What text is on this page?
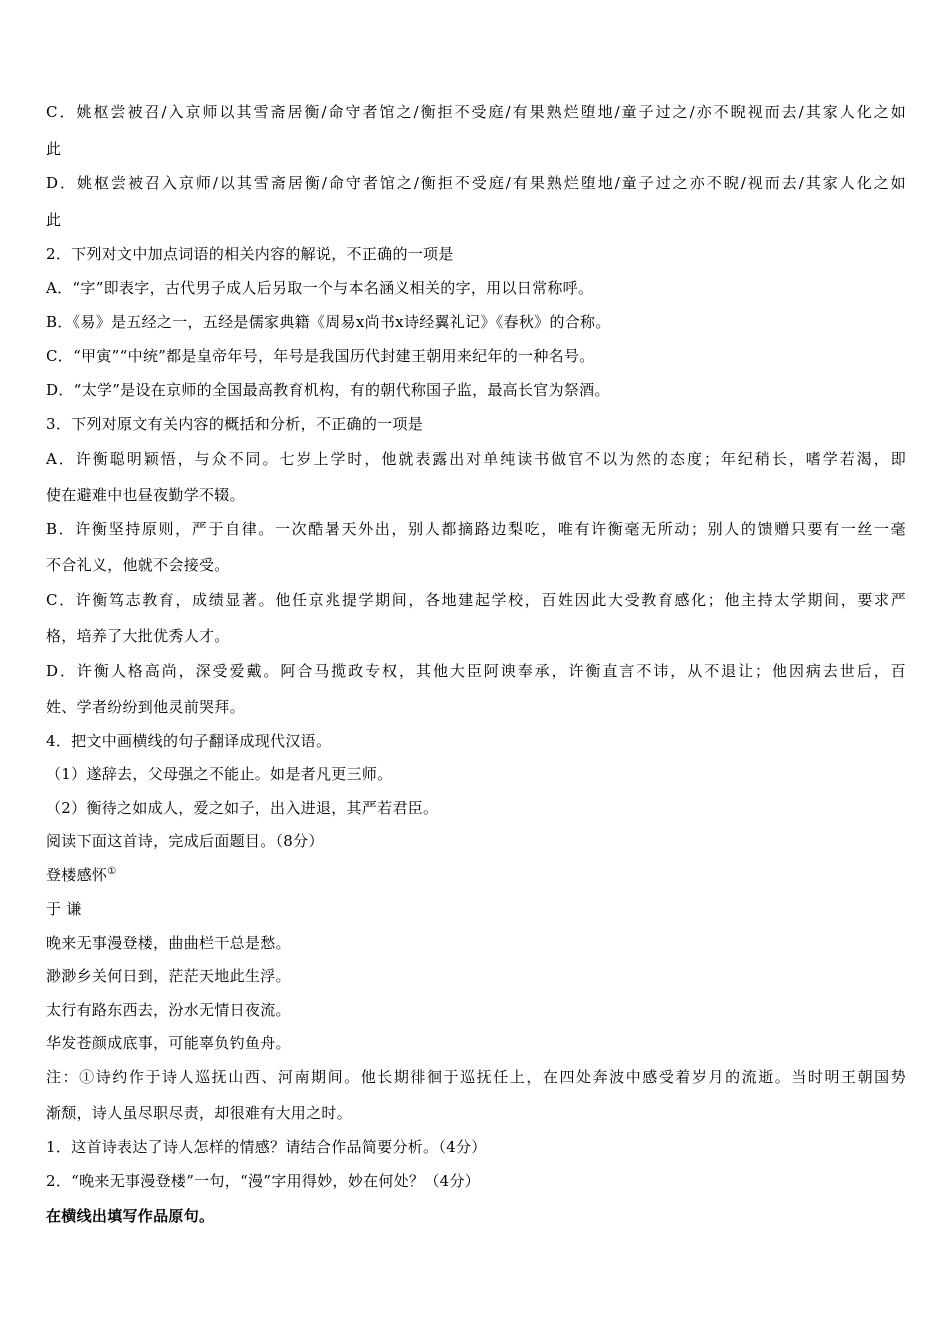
C．姚枢尝被召/入京师以其雪斋居衡/命守者馆之/衡拒不受庭/有果熟烂堕地/童子过之/亦不睨视而去/其家人化之如
此
D．姚枢尝被召入京师/以其雪斋居衡/命守者馆之/衡拒不受庭/有果熟烂堕地/童子过之亦不睨/视而去/其家人化之如
此
2．下列对文中加点词语的相关内容的解说，不正确的一项是
A．“字”即表字，古代男子成人后另取一个与本名涵义相关的字，用以日常称呼。
B．《易》是五经之一，五经是儒家典籍《周易ⅹ尚书ⅹ诗经翼礼记》《春秋》的合称。
C．“甲寅”“中统”都是皇帝年号，年号是我国历代封建王朝用来纪年的一种名号。
D．“太学”是设在京师的全国最高教育机构，有的朝代称国子监，最高长官为祭酒。
3．下列对原文有关内容的概括和分析，不正确的一项是
A．许衡聪明颖悟，与众不同。七岁上学时，他就表露出对单纯读书做官不以为然的态度；年纪稍长，嗜学若渴，即
使在避难中也昼夜勤学不辍。
B．许衡坚持原则，严于自律。一次酷暑天外出，别人都摘路边梨吃，唯有许衡毫无所动；别人的馈赠只要有一丝一毫
不合礼义，他就不会接受。
C．许衡笃志教育，成绩显著。他任京兆提学期间，各地建起学校，百姓因此大受教育感化；他主持太学期间，要求严
格，培养了大批优秀人才。
D．许衡人格高尚，深受爱戴。阿合马揽政专权，其他大臣阿谀奉承，许衡直言不讳，从不退让；他因病去世后，百
姓、学者纷纷到他灵前哭拜。
4．把文中画横线的句子翻译成现代汉语。
（1）遂辞去，父母强之不能止。如是者凡更三师。
（2）衡待之如成人，爱之如子，出入进退，其严若君臣。
阅读下面这首诗，完成后面题目。（8分）
登楼感怀①
于 谦
晚来无事漫登楼，曲曲栏干总是愁。
渺渺乡关何日到，茫茫天地此生浮。
太行有路东西去，汾水无情日夜流。
华发苍颜成底事，可能辜负钓鱼舟。
注：①诗约作于诗人巡抚山西、河南期间。他长期徘徊于巡抚任上，在四处奔波中感受着岁月的流逝。当时明王朝国势
渐颓，诗人虽尽职尽责，却很难有大用之时。
1．这首诗表达了诗人怎样的情感？请结合作品简要分析。（4分）
2．“晚来无事漫登楼”一句，“漫”字用得妙，妙在何处？（4分）
在横线出填写作品原句。
